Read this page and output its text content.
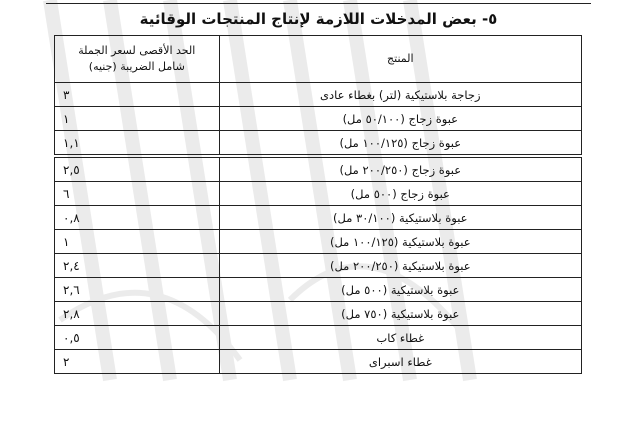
٥- بعض المدخلات اللازمة لإنتاج المنتجات الوقائية
المنتج	الحد الأقصى لسعر الجملة
شامل الضريبة (جنيه)

زجاجة بلاستيكية (لتر) بغطاء عادى	٣
عبوة زجاج (٥٠/١٠٠ مل)	١
عبوة زجاج (١٠٠/١٢٥ مل)	١,١
عبوة زجاج (٢٠٠/٢٥٠ مل)	٢,٥
عبوة زجاج (٥٠٠ مل)	٦
عبوة بلاستيكية (٣٠/١٠٠ مل)	٠,٨
عبوة بلاستيكية (١٠٠/١٢٥ مل)	١
عبوة بلاستيكية (٢٠٠/٢٥٠ مل)	٢,٤
عبوة بلاستيكية (٥٠٠ مل)	٢,٦
عبوة بلاستيكية (٧٥٠ مل)	٢,٨
غطاء كاب	٠,٥
غطاء اسبراى	٢
